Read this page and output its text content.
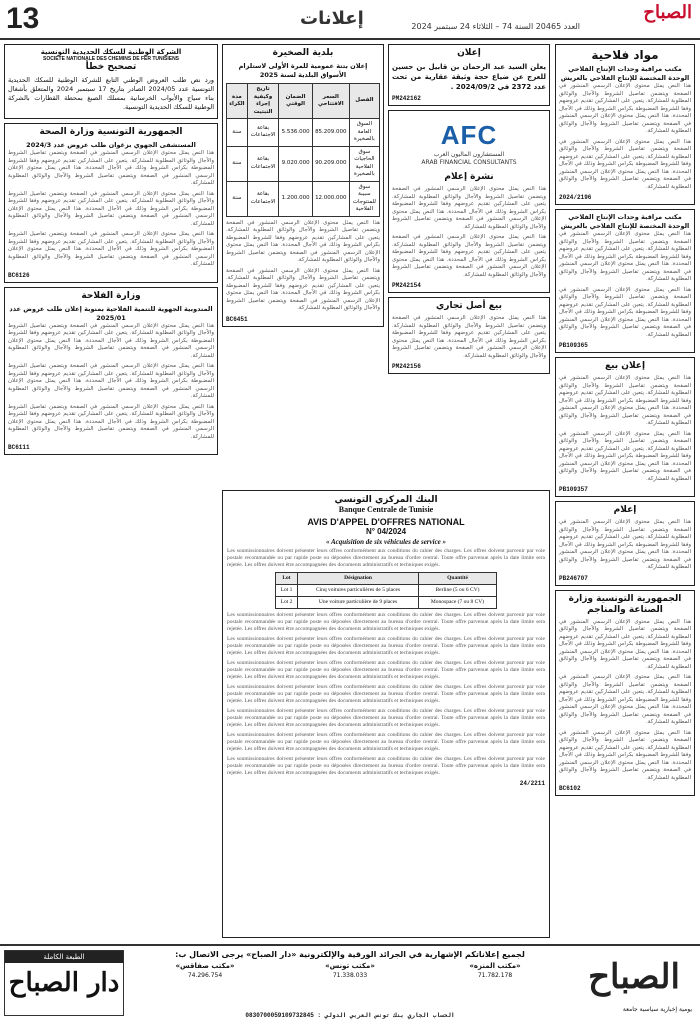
13	إعلانات	العدد 20465 السنة 74 – الثلاثاء 24 سبتمبر 2024
الصباح
مواد فلاحية
مكتب مراقبة وحدات الإنتاج الفلاحي الوحدة المختصة للإنتاج الفلاحي بالعريش

هذا النص يمثل محتوى الإعلان الرسمي المنشور في الصفحة ويتضمن تفاصيل الشروط والآجال والوثائق المطلوبة للمشاركة. يتعين على المشاركين تقديم عروضهم وفقا للشروط المضبوطة بكراس الشروط وذلك في الآجال المحددة. هذا النص يمثل محتوى الإعلان الرسمي المنشور في الصفحة ويتضمن تفاصيل الشروط والآجال والوثائق المطلوبة للمشاركة.

هذا النص يمثل محتوى الإعلان الرسمي المنشور في الصفحة ويتضمن تفاصيل الشروط والآجال والوثائق المطلوبة للمشاركة. يتعين على المشاركين تقديم عروضهم وفقا للشروط المضبوطة بكراس الشروط وذلك في الآجال المحددة. هذا النص يمثل محتوى الإعلان الرسمي المنشور في الصفحة ويتضمن تفاصيل الشروط والآجال والوثائق المطلوبة للمشاركة.

2024/2196
مكتب مراقبة وحدات الإنتاج الفلاحي الوحدة المختصة للإنتاج الفلاحي بالعريش

هذا النص يمثل محتوى الإعلان الرسمي المنشور في الصفحة ويتضمن تفاصيل الشروط والآجال والوثائق المطلوبة للمشاركة. يتعين على المشاركين تقديم عروضهم وفقا للشروط المضبوطة بكراس الشروط وذلك في الآجال المحددة. هذا النص يمثل محتوى الإعلان الرسمي المنشور في الصفحة ويتضمن تفاصيل الشروط والآجال والوثائق المطلوبة للمشاركة.

هذا النص يمثل محتوى الإعلان الرسمي المنشور في الصفحة ويتضمن تفاصيل الشروط والآجال والوثائق المطلوبة للمشاركة. يتعين على المشاركين تقديم عروضهم وفقا للشروط المضبوطة بكراس الشروط وذلك في الآجال المحددة. هذا النص يمثل محتوى الإعلان الرسمي المنشور في الصفحة ويتضمن تفاصيل الشروط والآجال والوثائق المطلوبة للمشاركة.

PB109365
إعلان بيع

هذا النص يمثل محتوى الإعلان الرسمي المنشور في الصفحة ويتضمن تفاصيل الشروط والآجال والوثائق المطلوبة للمشاركة. يتعين على المشاركين تقديم عروضهم وفقا للشروط المضبوطة بكراس الشروط وذلك في الآجال المحددة. هذا النص يمثل محتوى الإعلان الرسمي المنشور في الصفحة ويتضمن تفاصيل الشروط والآجال والوثائق المطلوبة للمشاركة.

هذا النص يمثل محتوى الإعلان الرسمي المنشور في الصفحة ويتضمن تفاصيل الشروط والآجال والوثائق المطلوبة للمشاركة. يتعين على المشاركين تقديم عروضهم وفقا للشروط المضبوطة بكراس الشروط وذلك في الآجال المحددة. هذا النص يمثل محتوى الإعلان الرسمي المنشور في الصفحة ويتضمن تفاصيل الشروط والآجال والوثائق المطلوبة للمشاركة.

PB109357
إعلام

هذا النص يمثل محتوى الإعلان الرسمي المنشور في الصفحة ويتضمن تفاصيل الشروط والآجال والوثائق المطلوبة للمشاركة. يتعين على المشاركين تقديم عروضهم وفقا للشروط المضبوطة بكراس الشروط وذلك في الآجال المحددة. هذا النص يمثل محتوى الإعلان الرسمي المنشور في الصفحة ويتضمن تفاصيل الشروط والآجال والوثائق المطلوبة للمشاركة.

PB246707
الجمهورية التونسية وزارة الصناعة والمناجم

هذا النص يمثل محتوى الإعلان الرسمي المنشور في الصفحة ويتضمن تفاصيل الشروط والآجال والوثائق المطلوبة للمشاركة. يتعين على المشاركين تقديم عروضهم وفقا للشروط المضبوطة بكراس الشروط وذلك في الآجال المحددة. هذا النص يمثل محتوى الإعلان الرسمي المنشور في الصفحة ويتضمن تفاصيل الشروط والآجال والوثائق المطلوبة للمشاركة.

هذا النص يمثل محتوى الإعلان الرسمي المنشور في الصفحة ويتضمن تفاصيل الشروط والآجال والوثائق المطلوبة للمشاركة. يتعين على المشاركين تقديم عروضهم وفقا للشروط المضبوطة بكراس الشروط وذلك في الآجال المحددة. هذا النص يمثل محتوى الإعلان الرسمي المنشور في الصفحة ويتضمن تفاصيل الشروط والآجال والوثائق المطلوبة للمشاركة.

هذا النص يمثل محتوى الإعلان الرسمي المنشور في الصفحة ويتضمن تفاصيل الشروط والآجال والوثائق المطلوبة للمشاركة. يتعين على المشاركين تقديم عروضهم وفقا للشروط المضبوطة بكراس الشروط وذلك في الآجال المحددة. هذا النص يمثل محتوى الإعلان الرسمي المنشور في الصفحة ويتضمن تفاصيل الشروط والآجال والوثائق المطلوبة للمشاركة.

BC6102
إعلان

يعلن السيد عبد الرحمان بن قابيل بن حسين للعرج عن ضياع حجة وثيقة عقارية من تحت عدد 2372 في 2024/09/2 .

PM242162
AFC
المستشارون الماليون العرب
ARAB FINANCIAL CONSULTANTS
نشرة إعلام

هذا النص يمثل محتوى الإعلان الرسمي المنشور في الصفحة ويتضمن تفاصيل الشروط والآجال والوثائق المطلوبة للمشاركة. يتعين على المشاركين تقديم عروضهم وفقا للشروط المضبوطة بكراس الشروط وذلك في الآجال المحددة. هذا النص يمثل محتوى الإعلان الرسمي المنشور في الصفحة ويتضمن تفاصيل الشروط والآجال والوثائق المطلوبة للمشاركة.

هذا النص يمثل محتوى الإعلان الرسمي المنشور في الصفحة ويتضمن تفاصيل الشروط والآجال والوثائق المطلوبة للمشاركة. يتعين على المشاركين تقديم عروضهم وفقا للشروط المضبوطة بكراس الشروط وذلك في الآجال المحددة. هذا النص يمثل محتوى الإعلان الرسمي المنشور في الصفحة ويتضمن تفاصيل الشروط والآجال والوثائق المطلوبة للمشاركة.

PM242154
بيع أصل تجاري

هذا النص يمثل محتوى الإعلان الرسمي المنشور في الصفحة ويتضمن تفاصيل الشروط والآجال والوثائق المطلوبة للمشاركة. يتعين على المشاركين تقديم عروضهم وفقا للشروط المضبوطة بكراس الشروط وذلك في الآجال المحددة. هذا النص يمثل محتوى الإعلان الرسمي المنشور في الصفحة ويتضمن تفاصيل الشروط والآجال والوثائق المطلوبة للمشاركة.

PM242156
بلدية الصخيرة
إعلان بتتة عمومية للمرة الأولى لاستلزام الأسواق البلدية لسنة 2025
الفصل	السعر الافتتاحي	الضمان الوقتي	تاريخ وكيفية إجراء التبتيت	مدة الكراء
السوق العامة بالصخيرة	85.209.000	5.536.000	بقاعة الاجتماعات	سنة
سوق الحاجيات الفلاحية بالصخيرة	90.209.000	9.020.000	بقاعة الاجتماعات	سنة
سوق سبيبة للمنتوجات الفلاحية	12.000.000	1.200.000	بقاعة الاجتماعات	سنة

هذا النص يمثل محتوى الإعلان الرسمي المنشور في الصفحة ويتضمن تفاصيل الشروط والآجال والوثائق المطلوبة للمشاركة. يتعين على المشاركين تقديم عروضهم وفقا للشروط المضبوطة بكراس الشروط وذلك في الآجال المحددة. هذا النص يمثل محتوى الإعلان الرسمي المنشور في الصفحة ويتضمن تفاصيل الشروط والآجال والوثائق المطلوبة للمشاركة.

هذا النص يمثل محتوى الإعلان الرسمي المنشور في الصفحة ويتضمن تفاصيل الشروط والآجال والوثائق المطلوبة للمشاركة. يتعين على المشاركين تقديم عروضهم وفقا للشروط المضبوطة بكراس الشروط وذلك في الآجال المحددة. هذا النص يمثل محتوى الإعلان الرسمي المنشور في الصفحة ويتضمن تفاصيل الشروط والآجال والوثائق المطلوبة للمشاركة.

BC6451
البنك المركزي التونسي
Banque Centrale de Tunisie
AVIS D'APPEL D'OFFRES NATIONAL
N° 04/2024
« Acquisition de six véhicules de service »

Les soumissionnaires doivent présenter leurs offres conformément aux conditions du cahier des charges. Les offres doivent parvenir par voie postale recommandée ou par rapide poste ou déposées directement au bureau d'ordre central. Toute offre parvenue après la date limite sera rejetée. Les offres doivent être accompagnées des documents administratifs et techniques exigés.

Lot	Désignation	Quantité
Lot 1	Cinq voitures particulières de 5 places	Berline (5 ou 6 CV)
Lot 2	Une voiture particulière de 9 places	Monospace (7 ou 8 CV)

Les soumissionnaires doivent présenter leurs offres conformément aux conditions du cahier des charges. Les offres doivent parvenir par voie postale recommandée ou par rapide poste ou déposées directement au bureau d'ordre central. Toute offre parvenue après la date limite sera rejetée. Les offres doivent être accompagnées des documents administratifs et techniques exigés.

Les soumissionnaires doivent présenter leurs offres conformément aux conditions du cahier des charges. Les offres doivent parvenir par voie postale recommandée ou par rapide poste ou déposées directement au bureau d'ordre central. Toute offre parvenue après la date limite sera rejetée. Les offres doivent être accompagnées des documents administratifs et techniques exigés.

Les soumissionnaires doivent présenter leurs offres conformément aux conditions du cahier des charges. Les offres doivent parvenir par voie postale recommandée ou par rapide poste ou déposées directement au bureau d'ordre central. Toute offre parvenue après la date limite sera rejetée. Les offres doivent être accompagnées des documents administratifs et techniques exigés.

Les soumissionnaires doivent présenter leurs offres conformément aux conditions du cahier des charges. Les offres doivent parvenir par voie postale recommandée ou par rapide poste ou déposées directement au bureau d'ordre central. Toute offre parvenue après la date limite sera rejetée. Les offres doivent être accompagnées des documents administratifs et techniques exigés.

Les soumissionnaires doivent présenter leurs offres conformément aux conditions du cahier des charges. Les offres doivent parvenir par voie postale recommandée ou par rapide poste ou déposées directement au bureau d'ordre central. Toute offre parvenue après la date limite sera rejetée. Les offres doivent être accompagnées des documents administratifs et techniques exigés.

Les soumissionnaires doivent présenter leurs offres conformément aux conditions du cahier des charges. Les offres doivent parvenir par voie postale recommandée ou par rapide poste ou déposées directement au bureau d'ordre central. Toute offre parvenue après la date limite sera rejetée. Les offres doivent être accompagnées des documents administratifs et techniques exigés.

Les soumissionnaires doivent présenter leurs offres conformément aux conditions du cahier des charges. Les offres doivent parvenir par voie postale recommandée ou par rapide poste ou déposées directement au bureau d'ordre central. Toute offre parvenue après la date limite sera rejetée. Les offres doivent être accompagnées des documents administratifs et techniques exigés.

24/2211
الشركة الوطنية للسكك الحديدية التونسية
SOCIETE NATIONALE DES CHEMINS DE FER TUNISIENS
تصحيح خطأ

ورد نص طلب العروض الوطني التابع للشركة الوطنية للسكك الحديدية التونسية عدد 2024/05 الصادر بتاريخ 17 سبتمبر 2024 والمتعلق بأشغال بناء سياج والأبواب الخرسانية بمسلك الصبغ بمحطة القطارات بالشركة الوطنية للسكك الحديدية التونسية.

الجمهورية التونسية وزارة الصحة
المستشفى الجهوي بزغوان طلب عروض عدد 2024/3

هذا النص يمثل محتوى الإعلان الرسمي المنشور في الصفحة ويتضمن تفاصيل الشروط والآجال والوثائق المطلوبة للمشاركة. يتعين على المشاركين تقديم عروضهم وفقا للشروط المضبوطة بكراس الشروط وذلك في الآجال المحددة. هذا النص يمثل محتوى الإعلان الرسمي المنشور في الصفحة ويتضمن تفاصيل الشروط والآجال والوثائق المطلوبة للمشاركة.

هذا النص يمثل محتوى الإعلان الرسمي المنشور في الصفحة ويتضمن تفاصيل الشروط والآجال والوثائق المطلوبة للمشاركة. يتعين على المشاركين تقديم عروضهم وفقا للشروط المضبوطة بكراس الشروط وذلك في الآجال المحددة. هذا النص يمثل محتوى الإعلان الرسمي المنشور في الصفحة ويتضمن تفاصيل الشروط والآجال والوثائق المطلوبة للمشاركة.

هذا النص يمثل محتوى الإعلان الرسمي المنشور في الصفحة ويتضمن تفاصيل الشروط والآجال والوثائق المطلوبة للمشاركة. يتعين على المشاركين تقديم عروضهم وفقا للشروط المضبوطة بكراس الشروط وذلك في الآجال المحددة. هذا النص يمثل محتوى الإعلان الرسمي المنشور في الصفحة ويتضمن تفاصيل الشروط والآجال والوثائق المطلوبة للمشاركة.

BC6126
وزارة الفلاحة
المندوبية الجهوية للتنمية الفلاحية بمنوبة إعلان طلب عروض عدد 2025/01

هذا النص يمثل محتوى الإعلان الرسمي المنشور في الصفحة ويتضمن تفاصيل الشروط والآجال والوثائق المطلوبة للمشاركة. يتعين على المشاركين تقديم عروضهم وفقا للشروط المضبوطة بكراس الشروط وذلك في الآجال المحددة. هذا النص يمثل محتوى الإعلان الرسمي المنشور في الصفحة ويتضمن تفاصيل الشروط والآجال والوثائق المطلوبة للمشاركة.

هذا النص يمثل محتوى الإعلان الرسمي المنشور في الصفحة ويتضمن تفاصيل الشروط والآجال والوثائق المطلوبة للمشاركة. يتعين على المشاركين تقديم عروضهم وفقا للشروط المضبوطة بكراس الشروط وذلك في الآجال المحددة. هذا النص يمثل محتوى الإعلان الرسمي المنشور في الصفحة ويتضمن تفاصيل الشروط والآجال والوثائق المطلوبة للمشاركة.

هذا النص يمثل محتوى الإعلان الرسمي المنشور في الصفحة ويتضمن تفاصيل الشروط والآجال والوثائق المطلوبة للمشاركة. يتعين على المشاركين تقديم عروضهم وفقا للشروط المضبوطة بكراس الشروط وذلك في الآجال المحددة. هذا النص يمثل محتوى الإعلان الرسمي المنشور في الصفحة ويتضمن تفاصيل الشروط والآجال والوثائق المطلوبة للمشاركة.

BC6111
لجميع إعلاناتكم الإشهارية في الجرائد الورقية والإلكترونية «دار الصباح» يرجى الاتصال ب:
الصباح
يومية إخبارية سياسية جامعة
«مكتب المنزه»
71.782.178
«مكتب تونس»
71.338.033
«مكتب صفاقس»
74.296.754
0830700059109732845 : الحساب الجاري بنك تونس العربي الدولي
الطبعة الكاملة
دار الصباح
